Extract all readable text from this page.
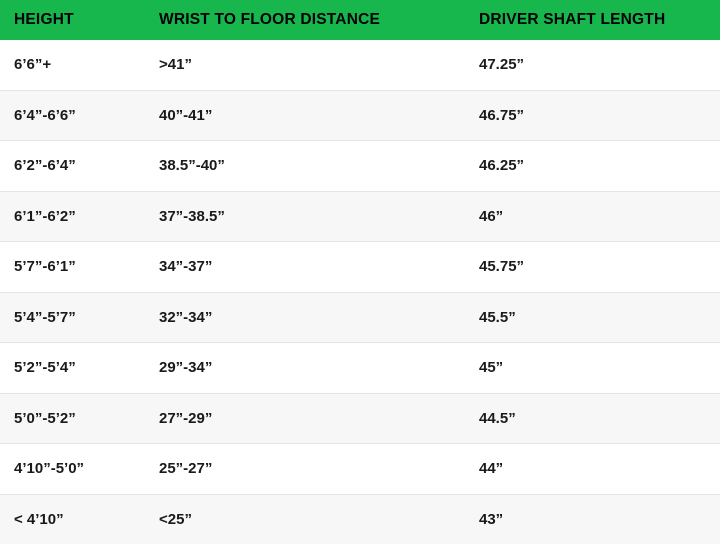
HEIGHT	WRIST TO FLOOR DISTANCE	DRIVER SHAFT LENGTH
6’6”+	>41”	47.25”
6’4”-6’6”	40”-41”	46.75”
6’2”-6’4”	38.5”-40”	46.25”
6’1”-6’2”	37”-38.5”	46”
5’7”-6’1”	34”-37”	45.75”
5’4”-5’7”	32”-34”	45.5”
5’2”-5’4”	29”-34”	45”
5’0”-5’2”	27”-29”	44.5”
4’10”-5’0”	25”-27”	44”
< 4’10”	<25”	43”
